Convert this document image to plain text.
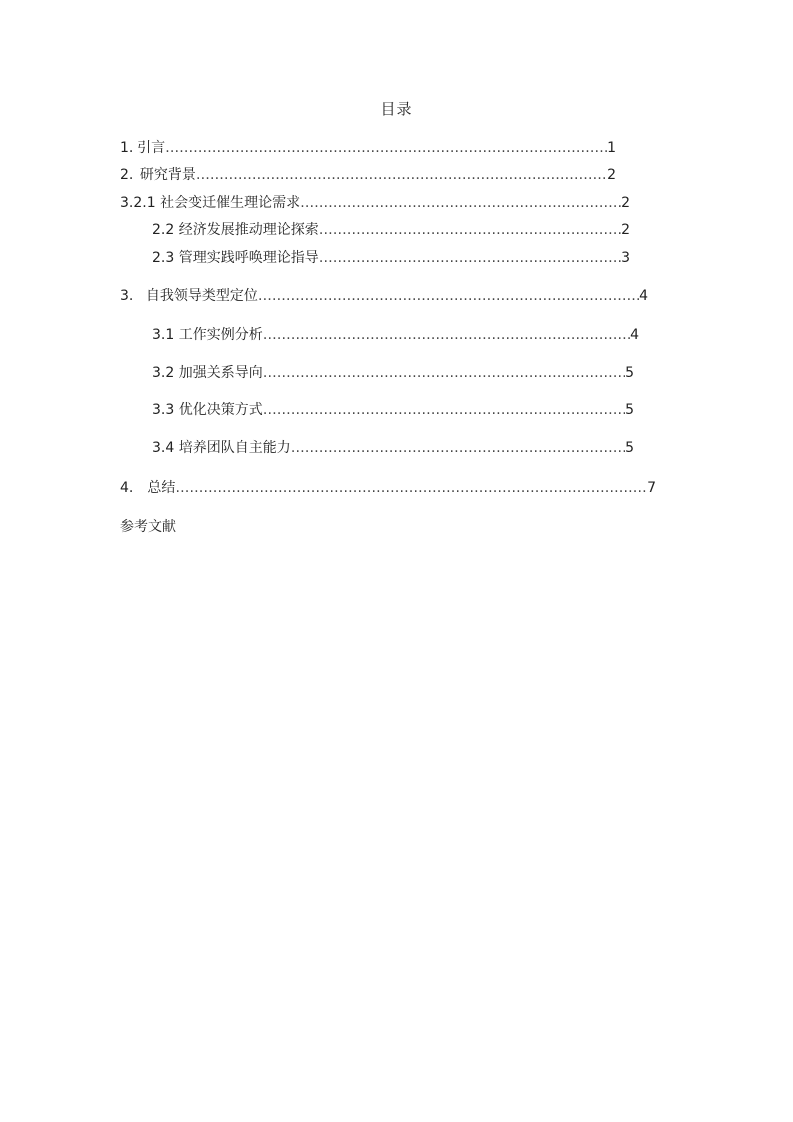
目录
1. 引言 ……………………………………………………………………………………………………………………………………………………………	1
2. 研究背景 ……………………………………………………………………………………………………………………………………………………………	2
3. 2.1 社会变迁催生理论需求 ……………………………………………………………………………………………………………………………………………………………	2
2.2 经济发展推动理论探索 ……………………………………………………………………………………………………………………………………………………………	2
2.3 管理实践呼唤理论指导 ……………………………………………………………………………………………………………………………………………………………	3
3. 自我领导类型定位 ……………………………………………………………………………………………………………………………………………………………	4
3.1 工作实例分析 ……………………………………………………………………………………………………………………………………………………………	4
3.2 加强关系导向 ……………………………………………………………………………………………………………………………………………………………	5
3.3 优化决策方式 ……………………………………………………………………………………………………………………………………………………………	5
3.4 培养团队自主能力 ……………………………………………………………………………………………………………………………………………………………	5
4.	总结 ……………………………………………………………………………………………………………………………………………………………	7
参考文献
